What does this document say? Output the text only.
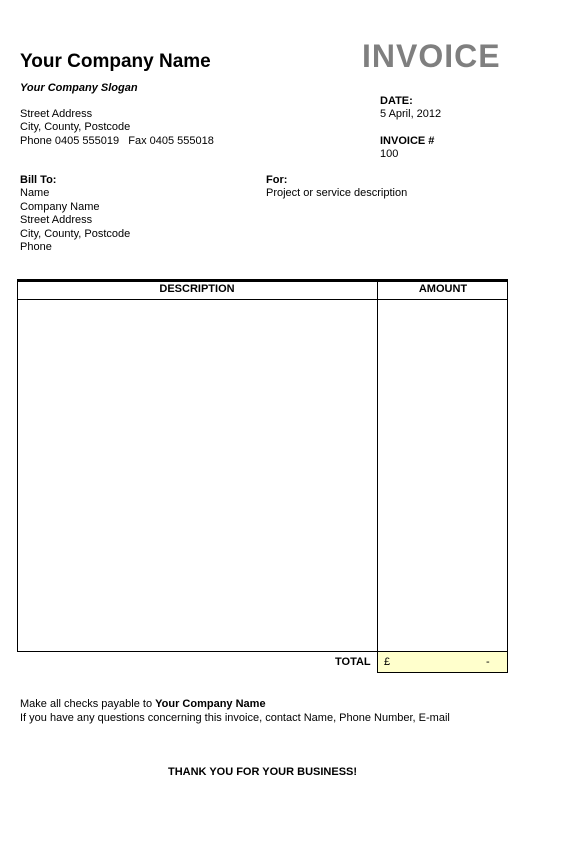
Your Company Name
Your Company Slogan
Street Address
City, County, Postcode
Phone 0405 555019   Fax 0405 555018
INVOICE
DATE:
5 April, 2012
INVOICE #
100
Bill To:
Name
Company Name
Street Address
City, County, Postcode
Phone
For:
Project or service description
DESCRIPTION	AMOUNT
TOTAL £	-
Make all checks payable to Your Company Name
If you have any questions concerning this invoice, contact Name, Phone Number, E-mail
THANK YOU FOR YOUR BUSINESS!
